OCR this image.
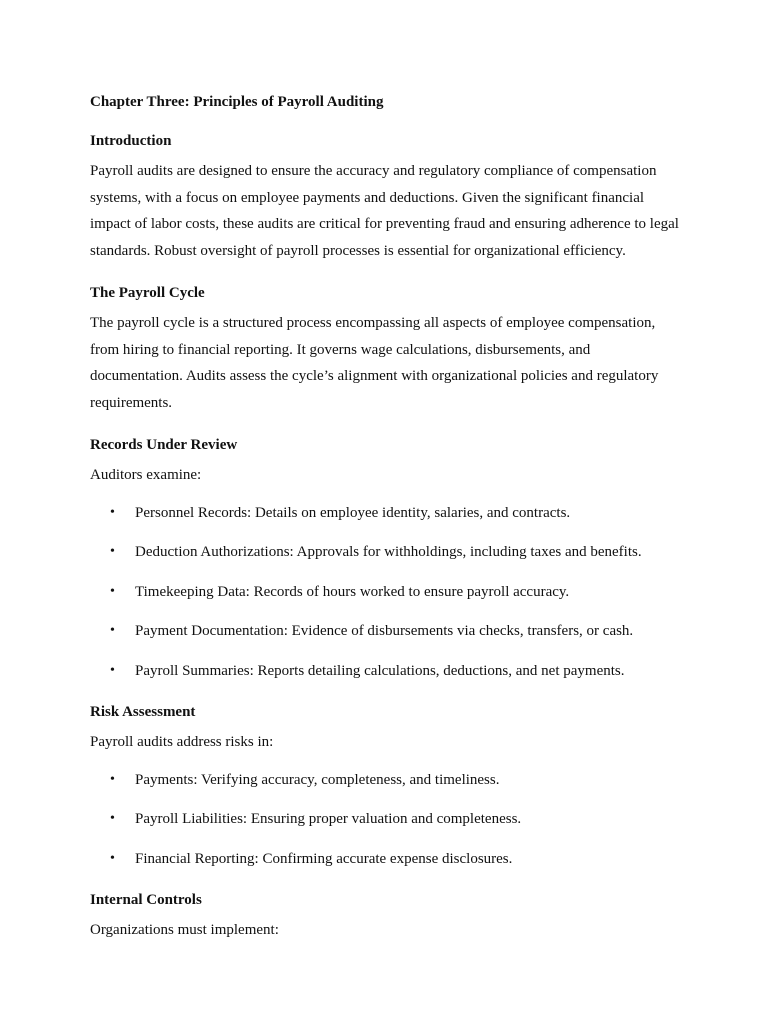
Chapter Three: Principles of Payroll Auditing

Introduction

Payroll audits are designed to ensure the accuracy and regulatory compliance of compensation systems, with a focus on employee payments and deductions. Given the significant financial impact of labor costs, these audits are critical for preventing fraud and ensuring adherence to legal standards. Robust oversight of payroll processes is essential for organizational efficiency.

The Payroll Cycle

The payroll cycle is a structured process encompassing all aspects of employee compensation, from hiring to financial reporting. It governs wage calculations, disbursements, and documentation. Audits assess the cycle’s alignment with organizational policies and regulatory requirements.

Records Under Review

Auditors examine:

• Personnel Records: Details on employee identity, salaries, and contracts.
• Deduction Authorizations: Approvals for withholdings, including taxes and benefits.
• Timekeeping Data: Records of hours worked to ensure payroll accuracy.
• Payment Documentation: Evidence of disbursements via checks, transfers, or cash.
• Payroll Summaries: Reports detailing calculations, deductions, and net payments.

Risk Assessment

Payroll audits address risks in:

• Payments: Verifying accuracy, completeness, and timeliness.
• Payroll Liabilities: Ensuring proper valuation and completeness.
• Financial Reporting: Confirming accurate expense disclosures.

Internal Controls

Organizations must implement:
